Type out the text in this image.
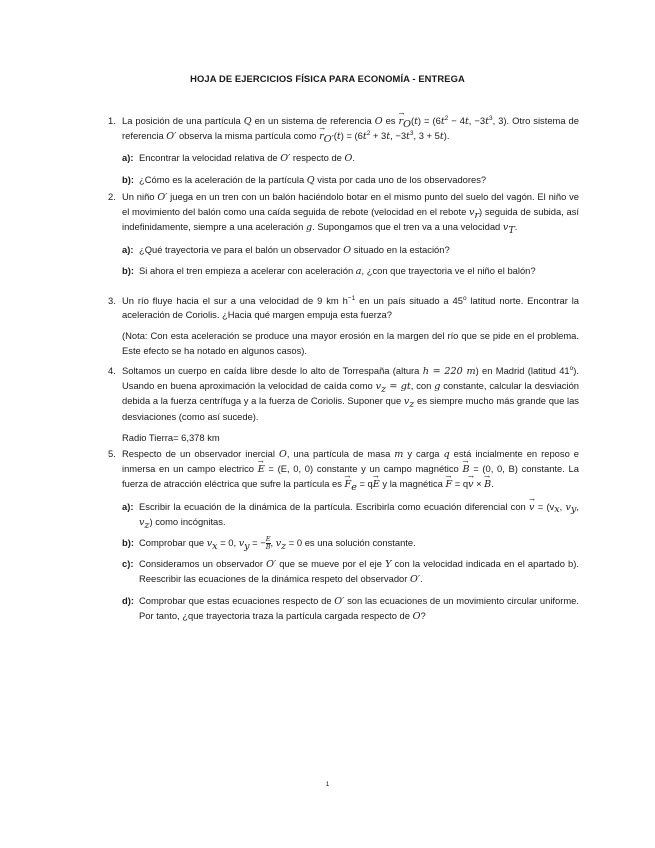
HOJA DE EJERCICIOS FÍSICA PARA ECONOMÍA - ENTREGA
1. La posición de una partícula Q en un sistema de referencia O es → $r_O(t) = (6t^2 - 4t$, $-3t^3$, 3). Otro sistema de referencia O′ observa la misma partícula como → $r_{O'}(t) = (6t^2 + 3t$, $-3t^3$, 3 + 5t).
a): Encontrar la velocidad relativa de O′ respecto de O.
b): ¿Cómo es la aceleración de la partícula Q vista por cada uno de los observadores?
2. Un niño O′ juega en un tren con un balón haciéndolo botar en el mismo punto del suelo del vagón. El niño ve el movimiento del balón como una caída seguida de rebote (velocidad en el rebote $v_r$) seguida de subida, así indefinidamente, siempre a una aceleración g. Supongamos que el tren va a una velocidad $v_T$.
a): ¿Qué trayectoria ve para el balón un observador O situado en la estación?
b): Si ahora el tren empieza a acelerar con aceleración a, ¿con que trayectoria ve el niño el balón?
3. Un río fluye hacia el sur a una velocidad de 9 km $h^{-1}$ en un país situado a 45$^o$ latitud norte. Encontrar la aceleración de Coriolis. ¿Hacia qué margen empuja esta fuerza?
(Nota: Con esta aceleración se produce una mayor erosión en la margen del río que se pide en el problema. Este efecto se ha notado en algunos casos).
4. Soltamos un cuerpo en caída libre desde lo alto de Torrespaña (altura h = 220 m) en Madrid (latitud 41$^o$). Usando en buena aproximación la velocidad de caída como $v_z$ = gt, con g constante, calcular la desviación debida a la fuerza centrífuga y a la fuerza de Coriolis. Suponer que $v_z$ es siempre mucho más grande que las desviaciones (como así sucede).
Radio Tierra= 6,378 km
5. Respecto de un observador inercial O, una partícula de masa m y carga q está incialmente en reposo e inmersa en un campo electrico → E = (E, 0, 0) constante y un campo magnético → B = (0, 0, B) constante. La fuerza de atracción eléctrica que sufre la partícula es → $F_e = q\to E$ y la magnética → F = q→ v × → B.
a): Escribir la ecuación de la dinámica de la partícula. Escribirla como ecuación diferencial con → $v = (v_x$, $v_y$, $v_z$) como incógnitas.
b): Comprobar que $v_x = 0$, $v_y$ = − $\frac{E}{B}$ , $v_z = 0$ es una solución constante.
c): Consideramos un observador O′ que se mueve por el eje Y con la velocidad indicada en el apartado b). Reescribir las ecuaciones de la dinámica respeto del observador O′.
d): Comprobar que estas ecuaciones respecto de O′ son las ecuaciones de un movimiento circular uniforme. Por tanto, ¿que trayectoria traza la partícula cargada respecto de O?
1
